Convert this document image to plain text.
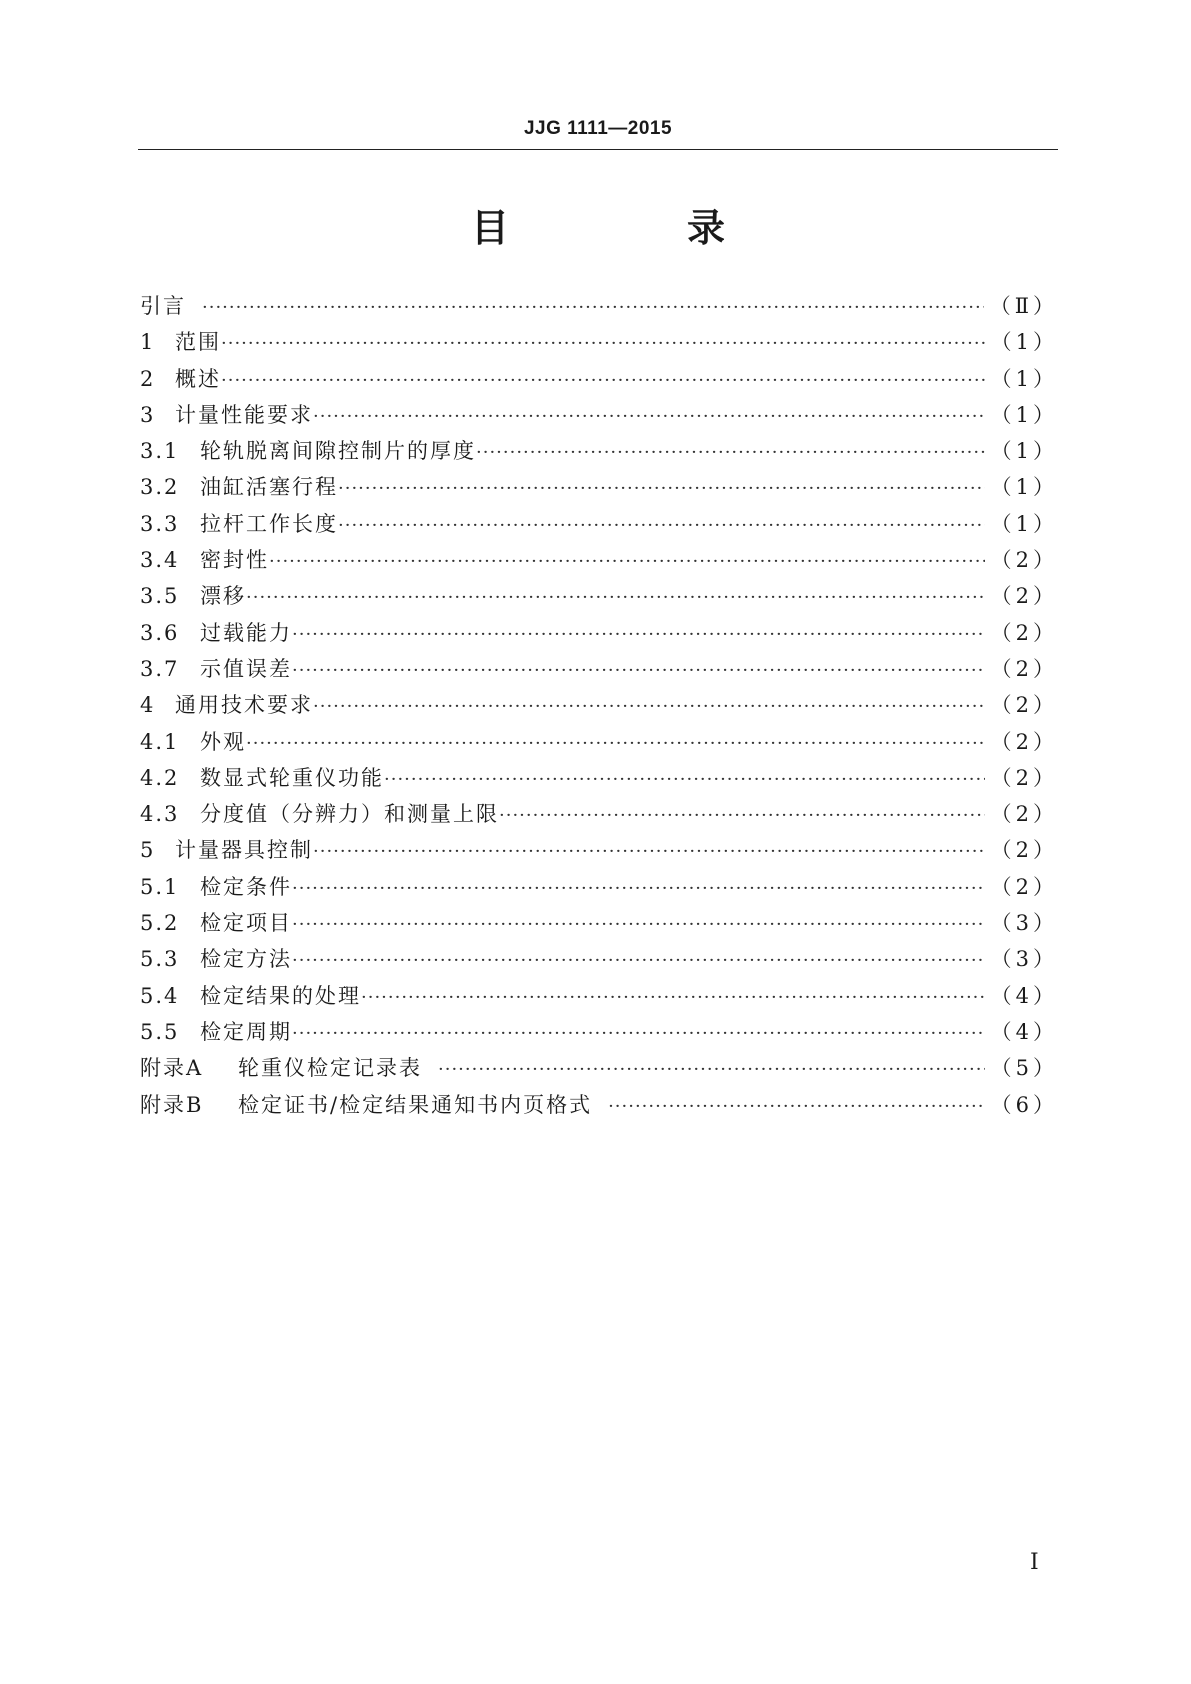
JJG 1111—2015
目　录
引言 ·····	（Ⅱ）
1 范围 ·····	（1）
2 概述 ·····	（1）
3 计量性能要求 ·····	（1）
3.1 轮轨脱离间隙控制片的厚度 ·····	（1）
3.2 油缸活塞行程 ·····	（1）
3.3 拉杆工作长度 ·····	（1）
3.4 密封性 ·····	（2）
3.5 漂移 ·····	（2）
3.6 过载能力 ·····	（2）
3.7 示值误差 ·····	（2）
4 通用技术要求 ·····	（2）
4.1 外观 ·····	（2）
4.2 数显式轮重仪功能 ·····	（2）
4.3 分度值（分辨力）和测量上限 ·····	（2）
5 计量器具控制 ·····	（2）
5.1 检定条件 ·····	（2）
5.2 检定项目 ·····	（3）
5.3 检定方法 ·····	（3）
5.4 检定结果的处理 ·····	（4）
5.5 检定周期 ·····	（4）
附录A	轮重仪检定记录表 ·····	（5）
附录B	检定证书/检定结果通知书内页格式 ·····	（6）
Ⅰ
